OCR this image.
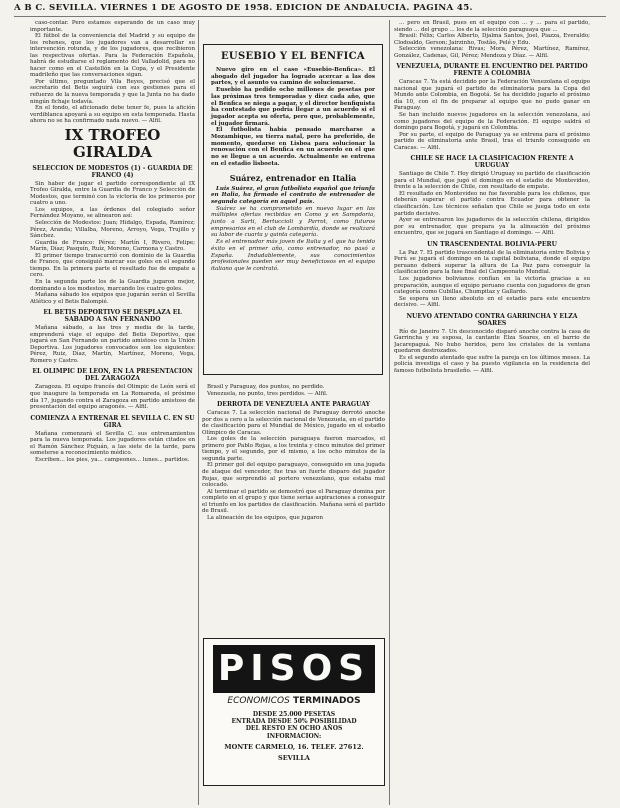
A B C. SEVILLA. VIERNES 1 DE AGOSTO DE 1958. EDICION DE ANDALUCIA. PAGINA 45.

caso-contar. Pero estamos esperando de un caso muy importante.

El fútbol de la conveniencia del Madrid y su equipo de los rehenes, que los jugadores van a desarrollar su intervención rotunda, y de los jugadores, que recibieron las respectivas ofertas. Para la Federación Española, habrá de estudiarse el reglamento del Valladolid, para no hacer como en el Castellón en la Copa, y el Presidente madrileño que las conversaciones sigan.

Por último, preguntado Vila Reyes, precisó que el secretario del Betis seguirá con sus gestiones para el refuerzo de la nueva temporada y que la Junta no ha dado ningún fichaje todavía.

En el fondo, el aficionado debe tener fe, pues la afición verdiblanca apoyará a su equipo en esta temporada. Hasta ahora no se ha confirmado nada nuevo. — Alfil.

IX TROFEO GIRALDA

SELECCION DE MODESTOS (1) - GUARDIA DE FRANCO (4)

Sin haber de jugar el partido correspondiente al IX Trofeo Giralda, entre la Guardia de Franco y Selección de Modestos, que terminó con la victoria de los primeros por cuatro a uno.

Los equipos, a las órdenes del colegiado señor Fernández Moyano, se alinearon así:

Selección de Modestos: Juan; Hidalgo, Espada, Ramírez; Pérez, Aranda; Villalba, Moreno, Arroyo, Vega, Trujillo y Sánchez.

Guardia de Franco: Pérez; Martín I, Rivero, Felipe; Marín, Díaz; Pasquín, Ruíz, Moreno, Carmona y Castro.

El primer tiempo transcurrió con dominio de la Guardia de Franco, que consiguió marcar sus goles en el segundo tiempo. En la primera parte el resultado fue de empate a cero.

En la segunda parte los de la Guardia jugaron mejor, dominando a los modestos, marcando los cuatro goles.

Mañana sábado los equipos que jugarán serán el Sevilla Atlético y el Betis Balompié.

EL BETIS DEPORTIVO SE DESPLAZA EL SABADO A SAN FERNANDO

Mañana sábado, a las tres y media de la tarde, emprenderá viaje el equipo del Betis Deportivo, que jugará en San Fernando un partido amistoso con la Unión Deportiva. Los jugadores convocados son los siguientes: Pérez, Ruiz, Díaz, Martín, Martínez, Moreno, Vega, Romero y Castro.

EL OLIMPIC DE LEON, EN LA PRESENTACION DEL ZARAGOZA

Zaragoza. El equipo francés del Olimpic de León será el que inaugure la temporada en La Romareda, el próximo día 17, jugando contra el Zaragoza en partido amistoso de presentación del equipo aragonés. — Alfil.

COMIENZA A ENTRENAR EL SEVILLA C. EN SU GIRA

Mañana comenzará el Sevilla C. sus entrenamientos para la nueva temporada. Los jugadores están citados en el Ramón Sánchez Pizjuán, a las siete de la tarde, para someterse a reconocimiento médico.

Escriben... los pies, ya... campeones... lunes... partidos.

EUSEBIO Y EL BENFICA

Nuevo giro en el caso «Eusebio-Benfica». El abogado del jugador ha logrado acercar a las dos partes, y el asunto va camino de solucionarse.

Eusebio ha pedido ocho millones de pesetas por las próximas tres temporadas y diez cada año, que el Benfica se niega a pagar, y el director benfiquista ha contestado que podría llegar a un acuerdo si el jugador acepta su oferta, pero que, probablemente, el jugador firmará.

El futbolista había pensado marcharse a Mozambique, su tierra natal, pero ha preferido, de momento, quedarse en Lisboa para solucionar la renovación con el Benfica en un acuerdo en el que no se llegue a un acuerdo. Actualmente se entrena en el estadio lisboeta.

Suárez, entrenador en Italia

Luis Suárez, el gran futbolista español que triunfa en Italia, ha firmado el contrato de entrenador de segunda categoría en aquel país.

Suárez se ha comprometido en nuevo lugar en las múltiples ofertas recibidas en Como y en Sampdoria, junto a Sarti, Bertuccioli y Parrot, como futuros empresarios en el club de Lombardía, donde se realizará su labor de cuarta y quinta categoría.

Es el entrenador más joven de Italia y el que ha tenido éxito en el primer año, como entrenador, no pasó a España. Indudablemente, sus conocimientos profesionales pueden ser muy beneficiosos en el equipo italiano que le contrató.

Brasil y Paraguay, dos puntos, no perdido.

Venezuela, no punto, tres perdidos. — Alfil.

DERROTA DE VENEZUELA ANTE PARAGUAY

Caracas 7. La selección nacional de Paraguay derrotó anoche por dos a cero a la selección nacional de Venezuela, en el partido de clasificación para el Mundial de México, jugado en el estadio Olímpico de Caracas.

Los goles de la selección paraguaya fueron marcados, el primero por Pablo Rojas, a los treinta y cinco minutos del primer tiempo, y el segundo, por el mismo, a los ocho minutos de la segunda parte.

El primer gol del equipo paraguayo, conseguido en una jugada de ataque del vencedor, fue tras un fuerte disparo del jugador Rojas, que sorprendió al portero venezolano, que estaba mal colocado.

Al terminar el partido se demostró que el Paraguay domina por completo en el grupo y que tiene serias aspiraciones a conseguir el triunfo en los partidos de clasificación. Mañana será el partido de Brasil.

La alineación de los equipos, que jugaron

PISOS
ECONOMICOS TERMINADOS
DESDE 25.000 PESETAS
ENTRADA DESDE 50% POSIBILIDAD
DEL RESTO EN OCHO AÑOS
INFORMACION:
MONTE CARMELO, 16. TELEF. 27612.
SEVILLA

... pero en Brasil, pues en el equipo con ... y ... para el partido, siendo ... del grupo ... los de la selección paraguaya que ...

Brasil: Félix; Carlos Alberto, Djalma Santos, Joel, Piazza, Everaldo; Clodoaldo, Gerson; Jairzinho, Tostão, Pelé y Edu.

Selección venezolana: Rivas; Mora, Pérez, Martínez, Ramírez, González, Cadenas, Gil, Pérez; Mendoza y Díaz. — Alfil.

VENEZUELA, DURANTE EL ENCUENTRO DEL PARTIDO FRENTE A COLOMBIA

Caracas 7. Ya está decidido por la Federación Venezolana el equipo nacional que jugará el partido de eliminatoria para la Copa del Mundo ante Colombia, en Bogotá. Se ha decidido jugarlo el próximo día 10, con el fin de preparar al equipo que no pudo ganar en Paraguay.

Se han incluido nuevos jugadores en la selección venezolana, así como jugadores del equipo de la Federación. El equipo saldrá el domingo para Bogotá, y jugará en Colombia.

Por su parte, el equipo de Paraguay ya se entrena para el próximo partido de eliminatoria ante Brasil, tras el triunfo conseguido en Caracas. — Alfil.

CHILE SE HACE LA CLASIFICACION FRENTE A URUGUAY

Santiago de Chile 7. Hoy dirigió Uruguay su partido de clasificación para el Mundial, que jugó el domingo en el estadio de Montevideo, frente a la selección de Chile, con resultado de empate.

El resultado en Montevideo no fue favorable para los chilenos, que deberán superar el partido contra Ecuador para obtener la clasificación. Los técnicos señalan que Chile se juega todo en este partido decisivo.

Ayer se entrenaron los jugadores de la selección chilena, dirigidos por su entrenador, que prepara ya la alineación del próximo encuentro, que se jugará en Santiago el domingo. — Alfil.

UN TRASCENDENTAL BOLIVIA-PERU

La Paz 7. El partido trascendental de la eliminatoria entre Bolivia y Perú se jugará el domingo en la capital boliviana, donde el equipo peruano deberá superar la altura de La Paz para conseguir la clasificación para la fase final del Campeonato Mundial.

Los jugadores bolivianos confían en la victoria gracias a su preparación, aunque el equipo peruano cuenta con jugadores de gran categoría como Cubillas, Chumpitaz y Gallardo.

Se espera un lleno absoluto en el estadio para este encuentro decisivo. — Alfil.

NUEVO ATENTADO CONTRA GARRINCHA Y ELZA SOARES

Río de Janeiro 7. Un desconocido disparó anoche contra la casa de Garrincha y su esposa, la cantante Elza Soares, en el barrio de Jacarepaguá. No hubo heridos, pero los cristales de la ventana quedaron destrozados.

Es el segundo atentado que sufre la pareja en los últimos meses. La policía investiga el caso y ha puesto vigilancia en la residencia del famoso futbolista brasileño. — Alfil.
